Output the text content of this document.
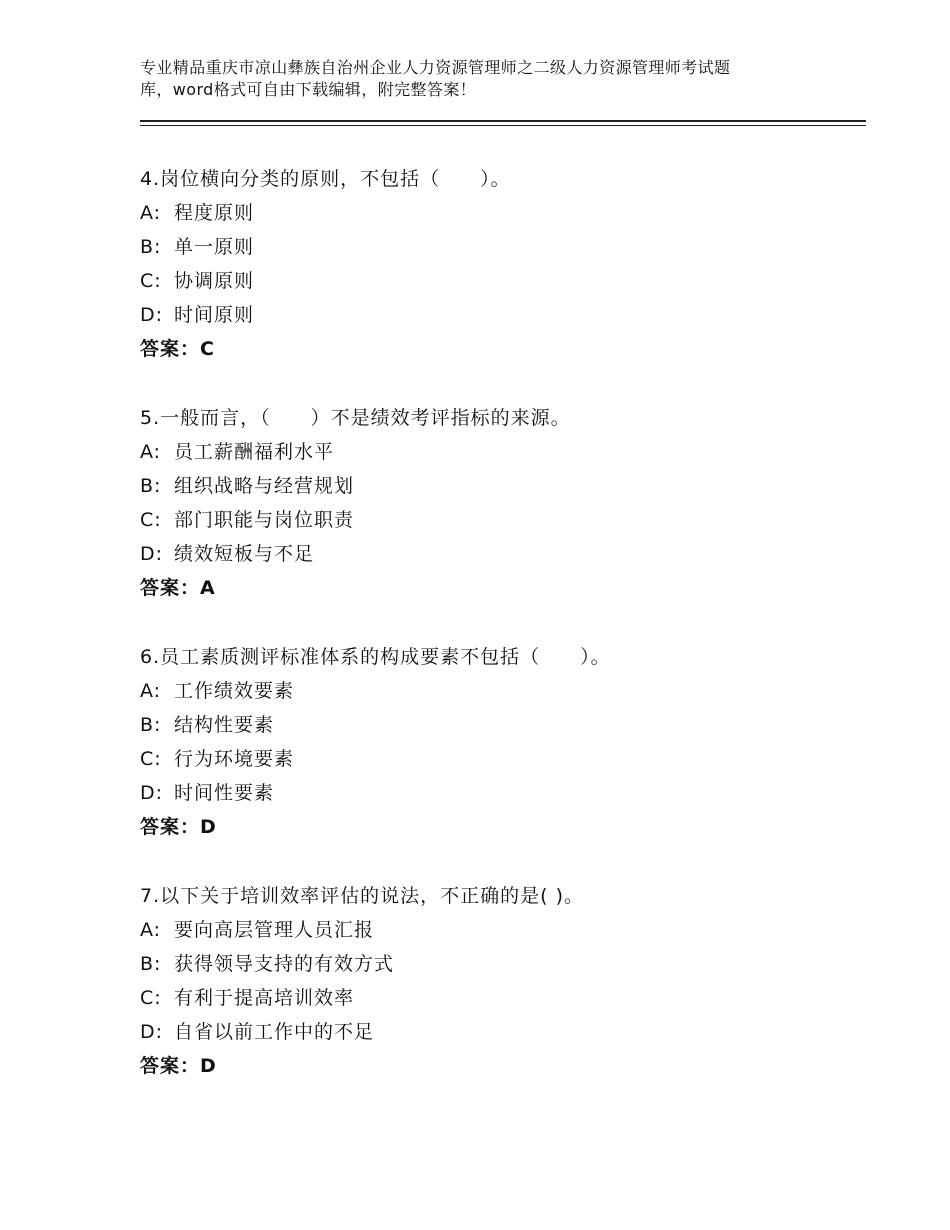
专业精品重庆市凉山彝族自治州企业人力资源管理师之二级人力资源管理师考试题
库，word格式可自由下载编辑，附完整答案！
4.岗位横向分类的原则，不包括（　　）。
A: 程度原则
B: 单一原则
C: 协调原则
D: 时间原则
答案：C
5.一般而言，（　　）不是绩效考评指标的来源。
A: 员工薪酬福利水平
B: 组织战略与经营规划
C: 部门职能与岗位职责
D: 绩效短板与不足
答案：A
6.员工素质测评标准体系的构成要素不包括（　　）。
A: 工作绩效要素
B: 结构性要素
C: 行为环境要素
D: 时间性要素
答案：D
7.以下关于培训效率评估的说法，不正确的是( )。
A: 要向高层管理人员汇报
B: 获得领导支持的有效方式
C: 有利于提高培训效率
D: 自省以前工作中的不足
答案：D
